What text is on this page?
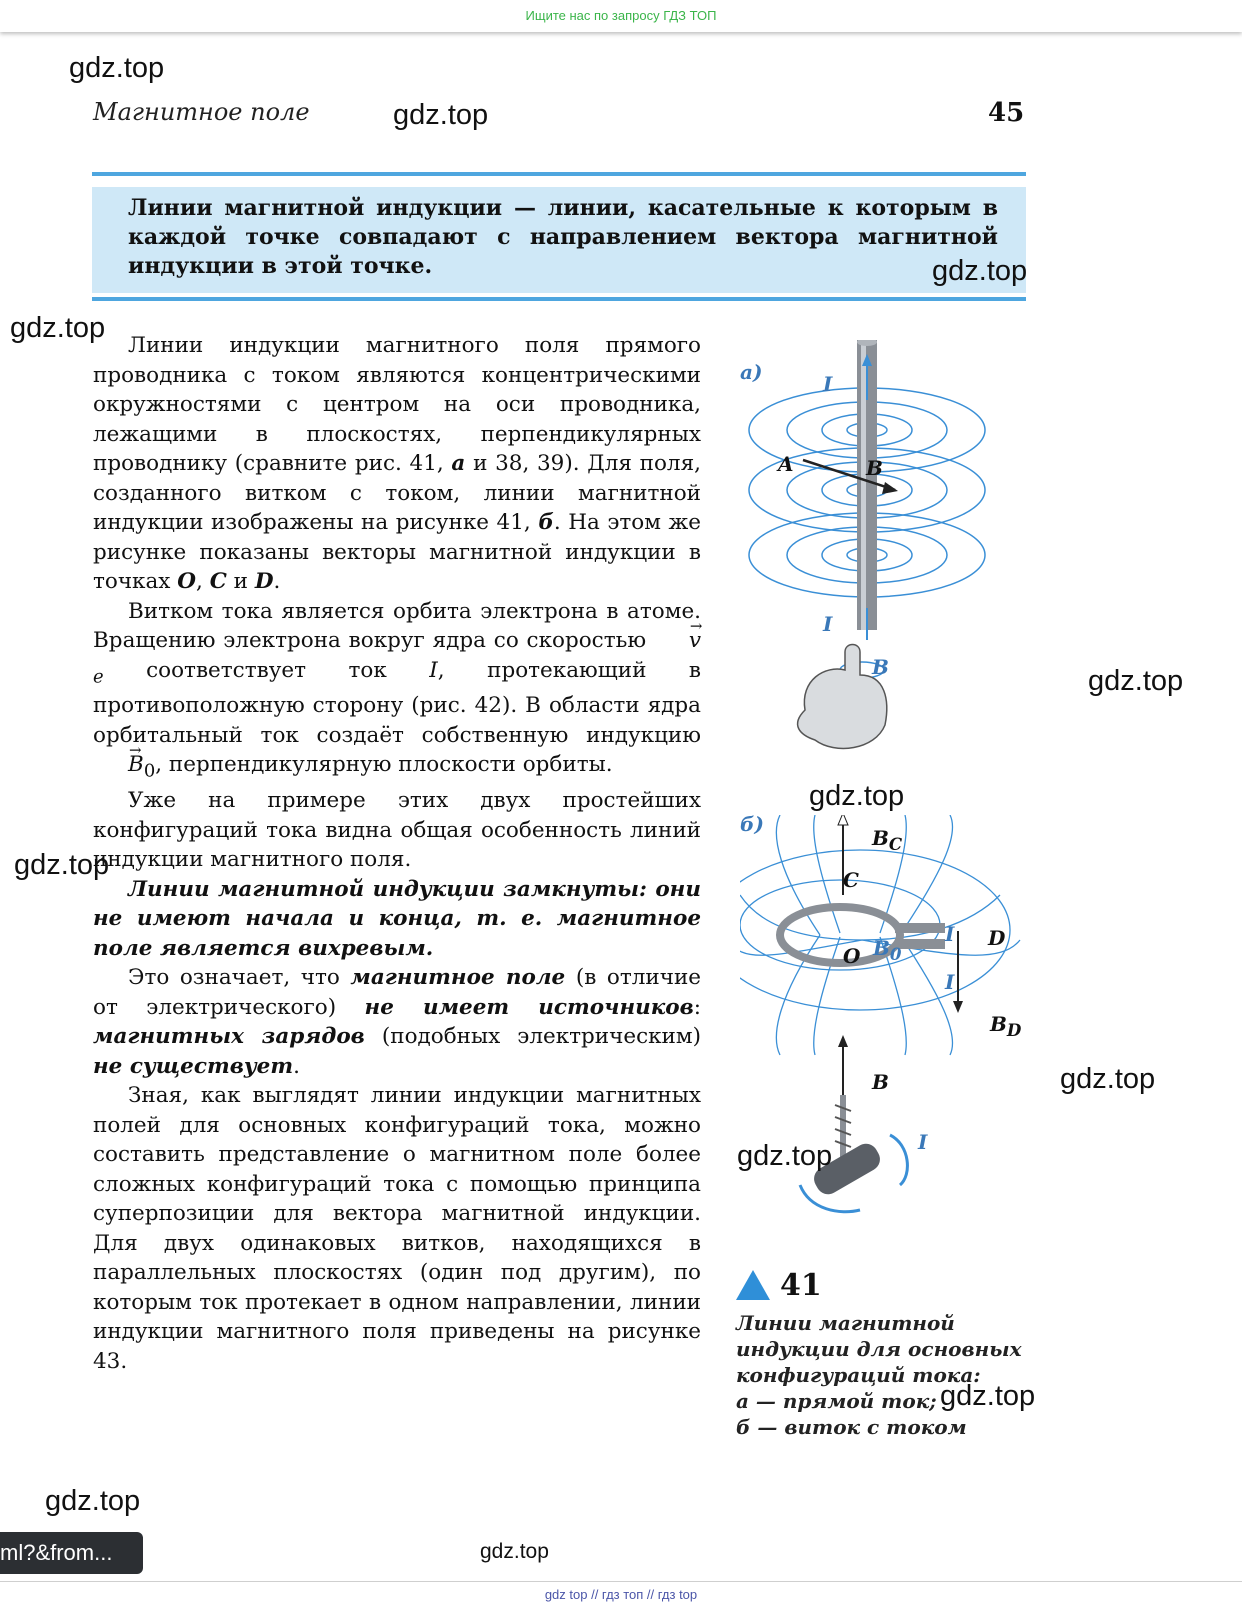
Ищите нас по запросу ГДЗ ТОП
Магнитное поле	45
Линии магнитной индукции — линии, касательные к которым в каждой точке совпадают с направлением вектора магнитной индукции в этой точке.

Линии индукции магнитного поля прямого проводника с током являются концентрическими окружностями с центром на оси проводника, лежащими в плоскостях, перпендикулярных проводнику (сравните рис. 41, а и 38, 39). Для поля, созданного витком с током, линии магнитной индукции изображены на рисунке 41, б. На этом же рисунке показаны векторы магнитной индукции в точках O, C и D.

Витком тока является орбита электрона в атоме. Вращению электрона вокруг ядра со скоростью → $v_e$ соответствует ток I, протекающий в противоположную сторону (рис. 42). В области ядра орбитальный ток создаёт собственную индукцию → $B_0$, перпендикулярную плоскости орбиты.

Уже на примере этих двух простейших конфигураций тока видна общая особенность линий индукции магнитного поля.

Линии магнитной индукции замкнуты: они не имеют начала и конца, т. е. магнитное поле является вихревым.

Это означает, что магнитное поле (в отличие от электрического) не имеет источников: магнитных зарядов (подобных электрическим) не существует.

Зная, как выглядят линии индукции магнитных полей для основных конфигураций тока, можно составить представление о магнитном поле более сложных конфигураций тока с помощью принципа суперпозиции для вектора магнитной индукции. Для двух одинаковых витков, находящихся в параллельных плоскостях (один под другим), по которым ток протекает в одном направлении, линии индукции магнитного поля приведены на рисунке 43.

а)	I
I
A	B
B
б)
$B_C$
C
O $B_0$
I
I
D
$B_D$
B
I
41
Линии магнитной индукции для основных конфигураций тока:
а — прямой ток;
б — виток с током
gdz.top
gdz.top
gdz.top
gdz.top
gdz.top
gdz.top
gdz.top
gdz.top
gdz.top
gdz.top
gdz.top
gdz.top
ml?&from...
gdz top // гдз топ // гдз top
